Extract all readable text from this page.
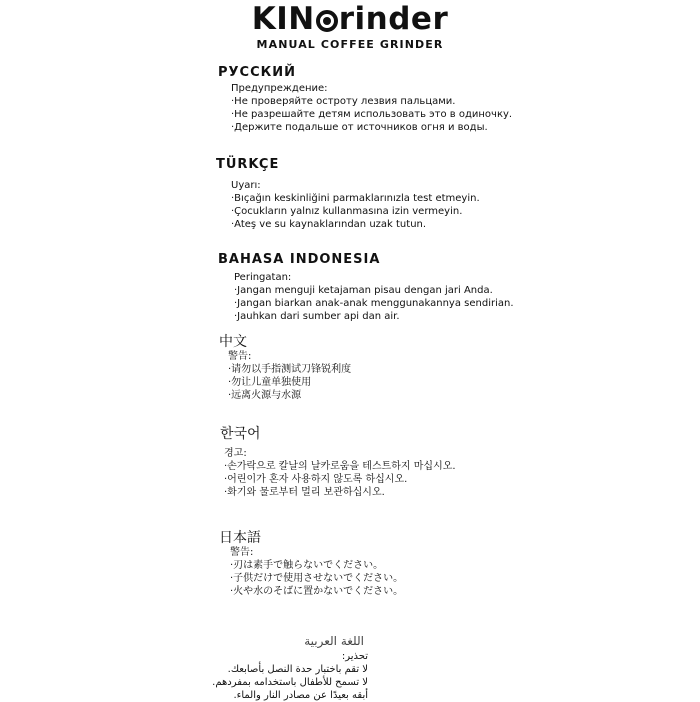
KIN rinder
MANUAL COFFEE GRINDER
РУССКИЙ
Предупреждение:
·Не проверяйте остроту лезвия пальцами.
·Не разрешайте детям использовать это в одиночку.
·Держите подальше от источников огня и воды.
TÜRKÇE
Uyarı:
·Bıçağın keskinliğini parmaklarınızla test etmeyin.
·Çocukların yalnız kullanmasına izin vermeyin.
·Ateş ve su kaynaklarından uzak tutun.
BAHASA INDONESIA
Peringatan:
·Jangan menguji ketajaman pisau dengan jari Anda.
·Jangan biarkan anak-anak menggunakannya sendirian.
·Jauhkan dari sumber api dan air.
中文
警告:
·请勿以手指测试刀锋锐利度
·勿让儿童单独使用
·远离火源与水源
한국어
경고:
·손가락으로 칼날의 날카로움을 테스트하지 마십시오.
·어린이가 혼자 사용하지 않도록 하십시오.
·화기와 물로부터 멀리 보관하십시오.
日本語
警告:
·刃は素手で触らないでください。
·子供だけで使用させないでください。
·火や水のそばに置かないでください。
اللغة العربية
تحذير:
لا تقم باختبار حدة النصل بأصابعك.
لا تسمح للأطفال باستخدامه بمفردهم.
أبقه بعيدًا عن مصادر النار والماء.
